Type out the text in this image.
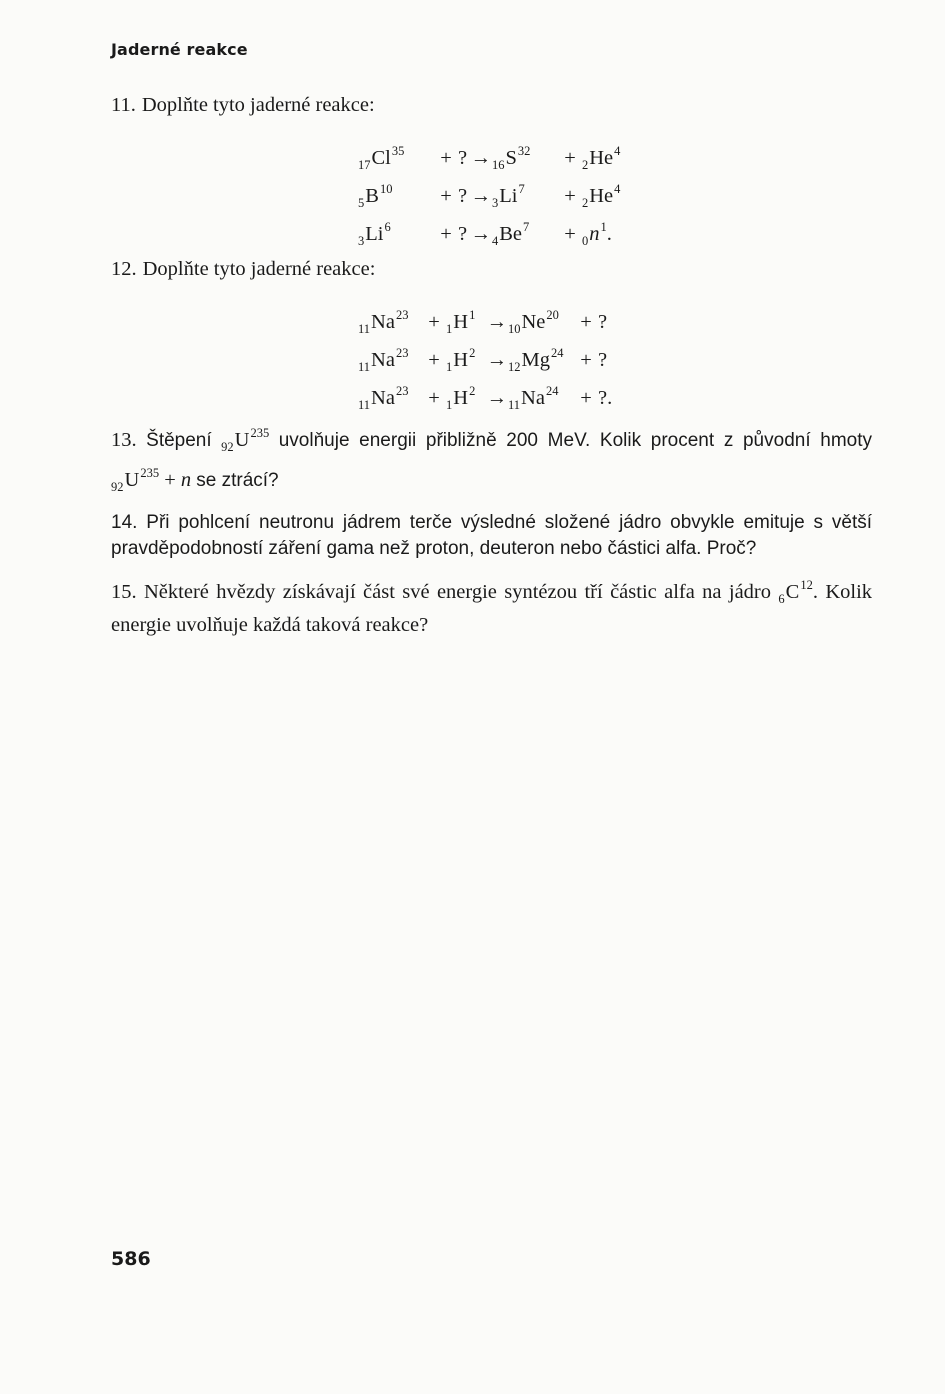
Jaderné reakce

11. Doplňte tyto jaderné reakce:

17Cl35 + ? →16S32 + 2He4
5B10 + ? →3Li7 + 2He4
3Li6 + ? →4Be7 + 0n1.

12. Doplňte tyto jaderné reakce:

11Na23 + 1H1 →10Ne20 + ?
11Na23 + 1H2 →12Mg24 + ?
11Na23 + 1H2 →11Na24 + ?.

13. Štěpení $_{92}U^{235}$ uvolňuje energii přibližně 200 MeV. Kolik procent z původní hmoty $_{92}U^{235} + n$ se ztrácí?

14. Při pohlcení neutronu jádrem terče výsledné složené jádro obvykle emituje s větší pravděpodobností záření gama než proton, deuteron nebo částici alfa. Proč?

15. Některé hvězdy získávají část své energie syntézou tří částic alfa na jádro $_6C^{12}$. Kolik energie uvolňuje každá taková reakce?

586
